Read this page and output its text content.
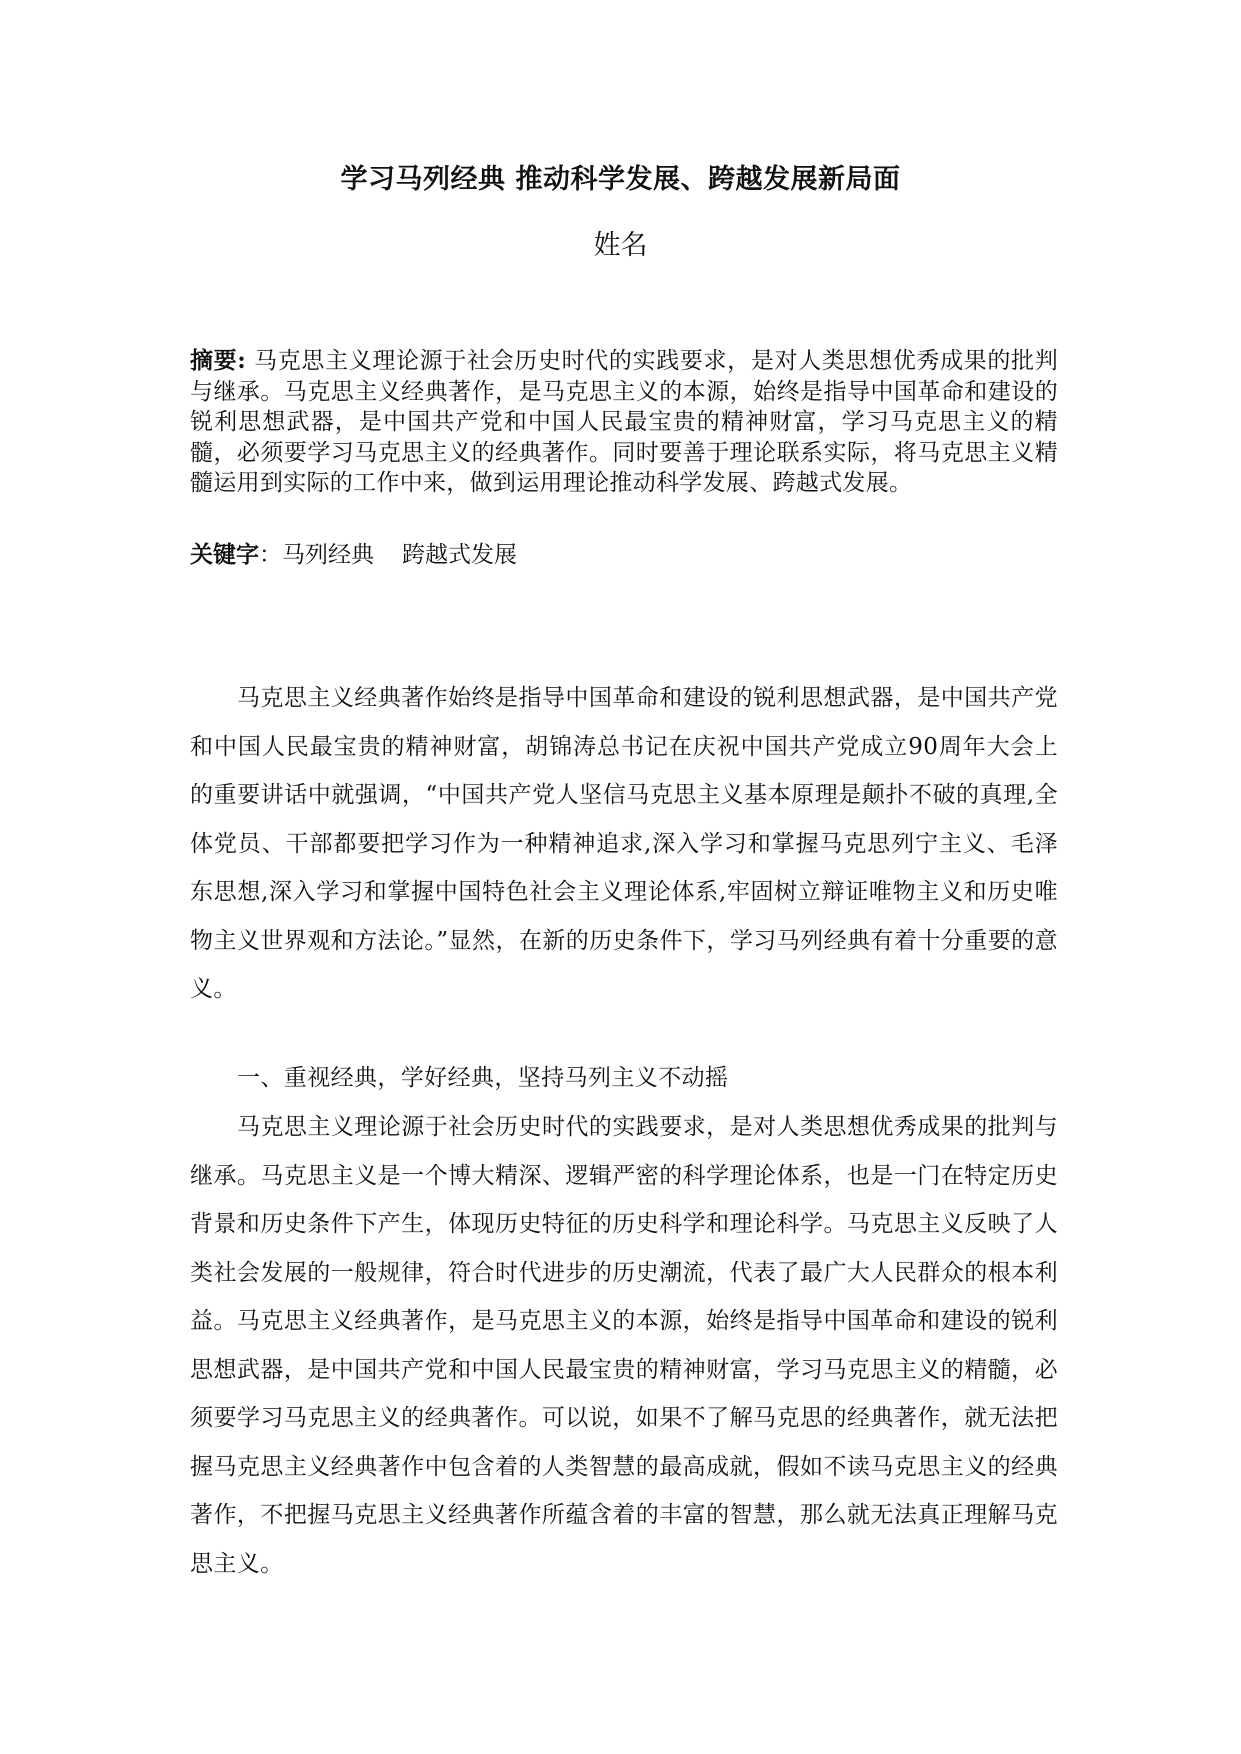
学习马列经典 推动科学发展、跨越发展新局面
姓名
摘要: 马克思主义理论源于社会历史时代的实践要求，是对人类思想优秀成果的批判与继承。马克思主义经典著作，是马克思主义的本源，始终是指导中国革命和建设的锐利思想武器，是中国共产党和中国人民最宝贵的精神财富，学习马克思主义的精髓，必须要学习马克思主义的经典著作。同时要善于理论联系实际，将马克思主义精髓运用到实际的工作中来，做到运用理论推动科学发展、跨越式发展。
关键字：马列经典 跨越式发展

马克思主义经典著作始终是指导中国革命和建设的锐利思想武器，是中国共产党和中国人民最宝贵的精神财富，胡锦涛总书记在庆祝中国共产党成立90周年大会上的重要讲话中就强调，“中国共产党人坚信马克思主义基本原理是颠扑不破的真理,全体党员、干部都要把学习作为一种精神追求,深入学习和掌握马克思列宁主义、毛泽东思想,深入学习和掌握中国特色社会主义理论体系,牢固树立辩证唯物主义和历史唯物主义世界观和方法论。”显然，在新的历史条件下，学习马列经典有着十分重要的意义。

一、重视经典，学好经典，坚持马列主义不动摇

马克思主义理论源于社会历史时代的实践要求，是对人类思想优秀成果的批判与继承。马克思主义是一个博大精深、逻辑严密的科学理论体系，也是一门在特定历史背景和历史条件下产生，体现历史特征的历史科学和理论科学。马克思主义反映了人类社会发展的一般规律，符合时代进步的历史潮流，代表了最广大人民群众的根本利益。马克思主义经典著作，是马克思主义的本源，始终是指导中国革命和建设的锐利思想武器，是中国共产党和中国人民最宝贵的精神财富，学习马克思主义的精髓，必须要学习马克思主义的经典著作。可以说，如果不了解马克思的经典著作，就无法把握马克思主义经典著作中包含着的人类智慧的最高成就，假如不读马克思主义的经典著作，不把握马克思主义经典著作所蕴含着的丰富的智慧，那么就无法真正理解马克思主义。
